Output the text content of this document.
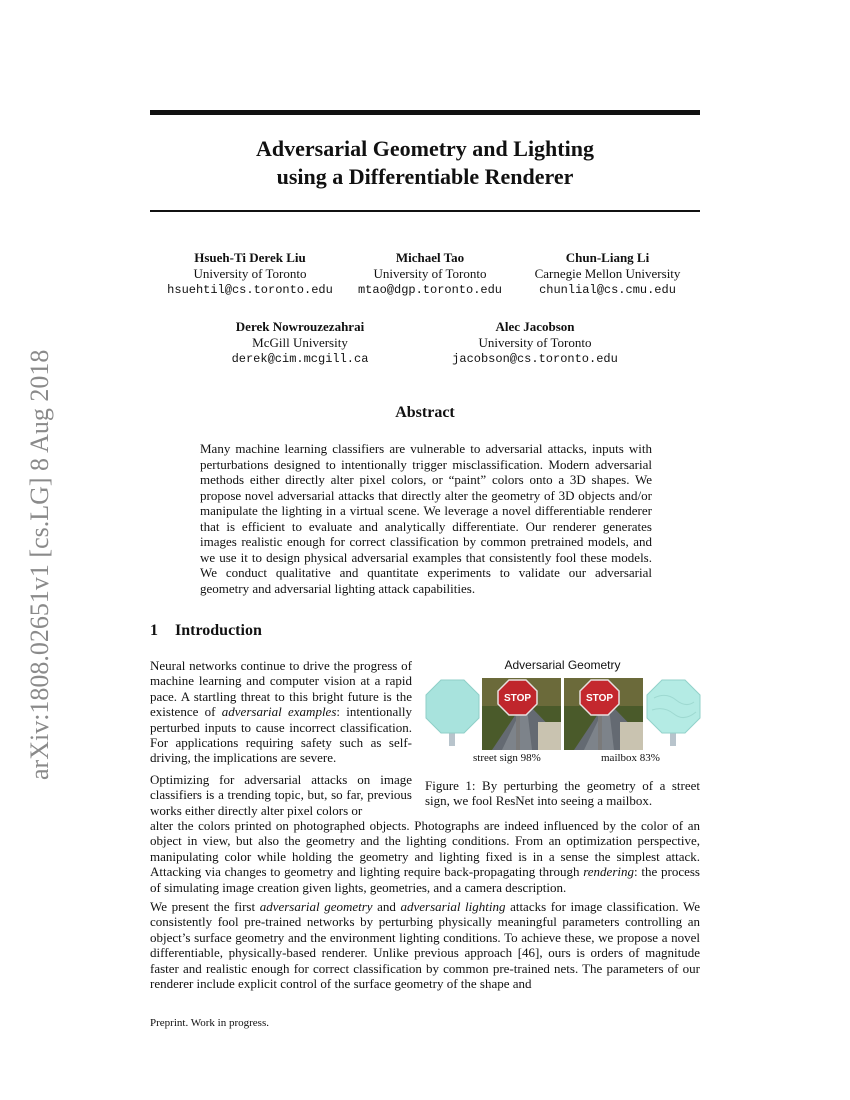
arXiv:1808.02651v1 [cs.LG] 8 Aug 2018
Adversarial Geometry and Lighting
using a Differentiable Renderer
Hsueh-Ti Derek Liu
University of Toronto
hsuehtil@cs.toronto.edu
Michael Tao
University of Toronto
mtao@dgp.toronto.edu
Chun-Liang Li
Carnegie Mellon University
chunlial@cs.cmu.edu
Derek Nowrouzezahrai
McGill University
derek@cim.mcgill.ca
Alec Jacobson
University of Toronto
jacobson@cs.toronto.edu
Abstract
Many machine learning classifiers are vulnerable to adversarial attacks, inputs with perturbations designed to intentionally trigger misclassification. Modern adversarial methods either directly alter pixel colors, or “paint” colors onto a 3D shapes. We propose novel adversarial attacks that directly alter the geometry of 3D objects and/or manipulate the lighting in a virtual scene. We leverage a novel differentiable renderer that is efficient to evaluate and analytically differentiate. Our renderer generates images realistic enough for correct classification by common pretrained models, and we use it to design physical adversarial examples that consistently fool these models. We conduct qualitative and quantitate experiments to validate our adversarial geometry and adversarial lighting attack capabilities.
1 Introduction
Neural networks continue to drive the progress of machine learning and computer vision at a rapid pace. A startling threat to this bright future is the existence of adversarial examples: intentionally perturbed inputs to cause incorrect classification. For applications requiring safety such as self-driving, the implications are severe.
Optimizing for adversarial attacks on image classifiers is a trending topic, but, so far, previous works either directly alter pixel colors or
alter the colors printed on photographed objects. Photographs are indeed influenced by the color of an object in view, but also the geometry and the lighting conditions. From an optimization perspective, manipulating color while holding the geometry and lighting fixed is in a sense the simplest attack. Attacking via changes to geometry and lighting require back-propagating through rendering: the process of simulating image creation given lights, geometries, and a camera description.
We present the first adversarial geometry and adversarial lighting attacks for image classification. We consistently fool pre-trained networks by perturbing physically meaningful parameters controlling an object’s surface geometry and the environment lighting conditions. To achieve these, we propose a novel differentiable, physically-based renderer. Unlike previous approach [46], ours is orders of magnitude faster and realistic enough for correct classification by common pre-trained nets. The parameters of our renderer include explicit control of the surface geometry of the shape and
Adversarial Geometry
STOP	STOP
street sign 98%	mailbox 83%
Figure 1: By perturbing the geometry of a street sign, we fool ResNet into seeing a mailbox.
Preprint. Work in progress.
